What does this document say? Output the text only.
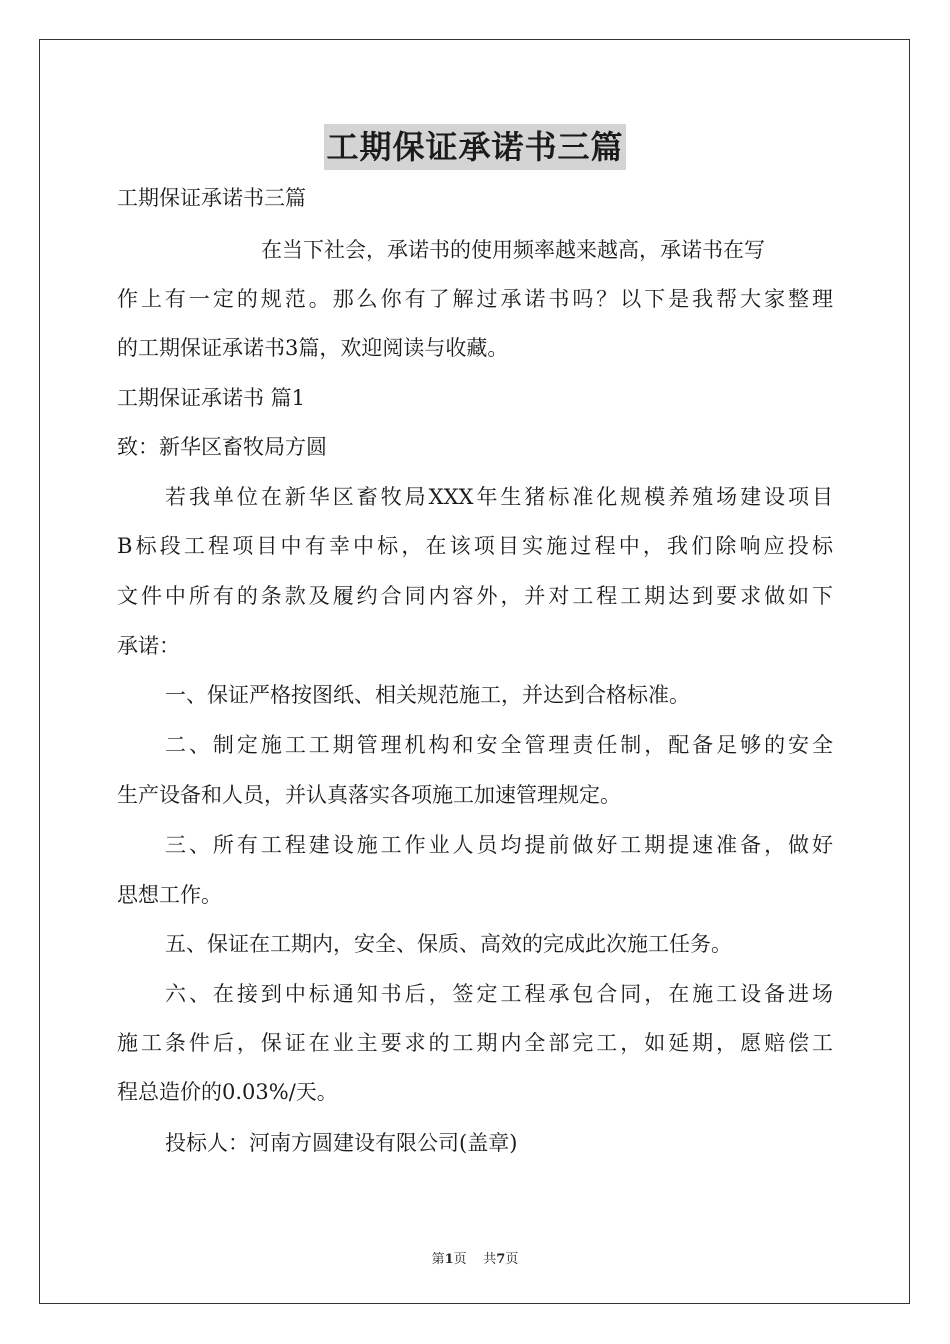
工期保证承诺书三篇
工期保证承诺书三篇
在当下社会，承诺书的使用频率越来越高，承诺书在写
作上有一定的规范。那么你有了解过承诺书吗？以下是我帮大家整理
的工期保证承诺书3篇，欢迎阅读与收藏。
工期保证承诺书 篇1
致：新华区畜牧局方圆
若我单位在新华区畜牧局XXX年生猪标准化规模养殖场建设项目
B标段工程项目中有幸中标，在该项目实施过程中，我们除响应投标
文件中所有的条款及履约合同内容外，并对工程工期达到要求做如下
承诺：
一、保证严格按图纸、相关规范施工，并达到合格标准。
二、制定施工工期管理机构和安全管理责任制，配备足够的安全
生产设备和人员，并认真落实各项施工加速管理规定。
三、所有工程建设施工作业人员均提前做好工期提速准备，做好
思想工作。
五、保证在工期内，安全、保质、高效的完成此次施工任务。
六、在接到中标通知书后，签定工程承包合同，在施工设备进场
施工条件后，保证在业主要求的工期内全部完工，如延期，愿赔偿工
程总造价的0.03%/天。
投标人：河南方圆建设有限公司(盖章)
第1页 共7页
